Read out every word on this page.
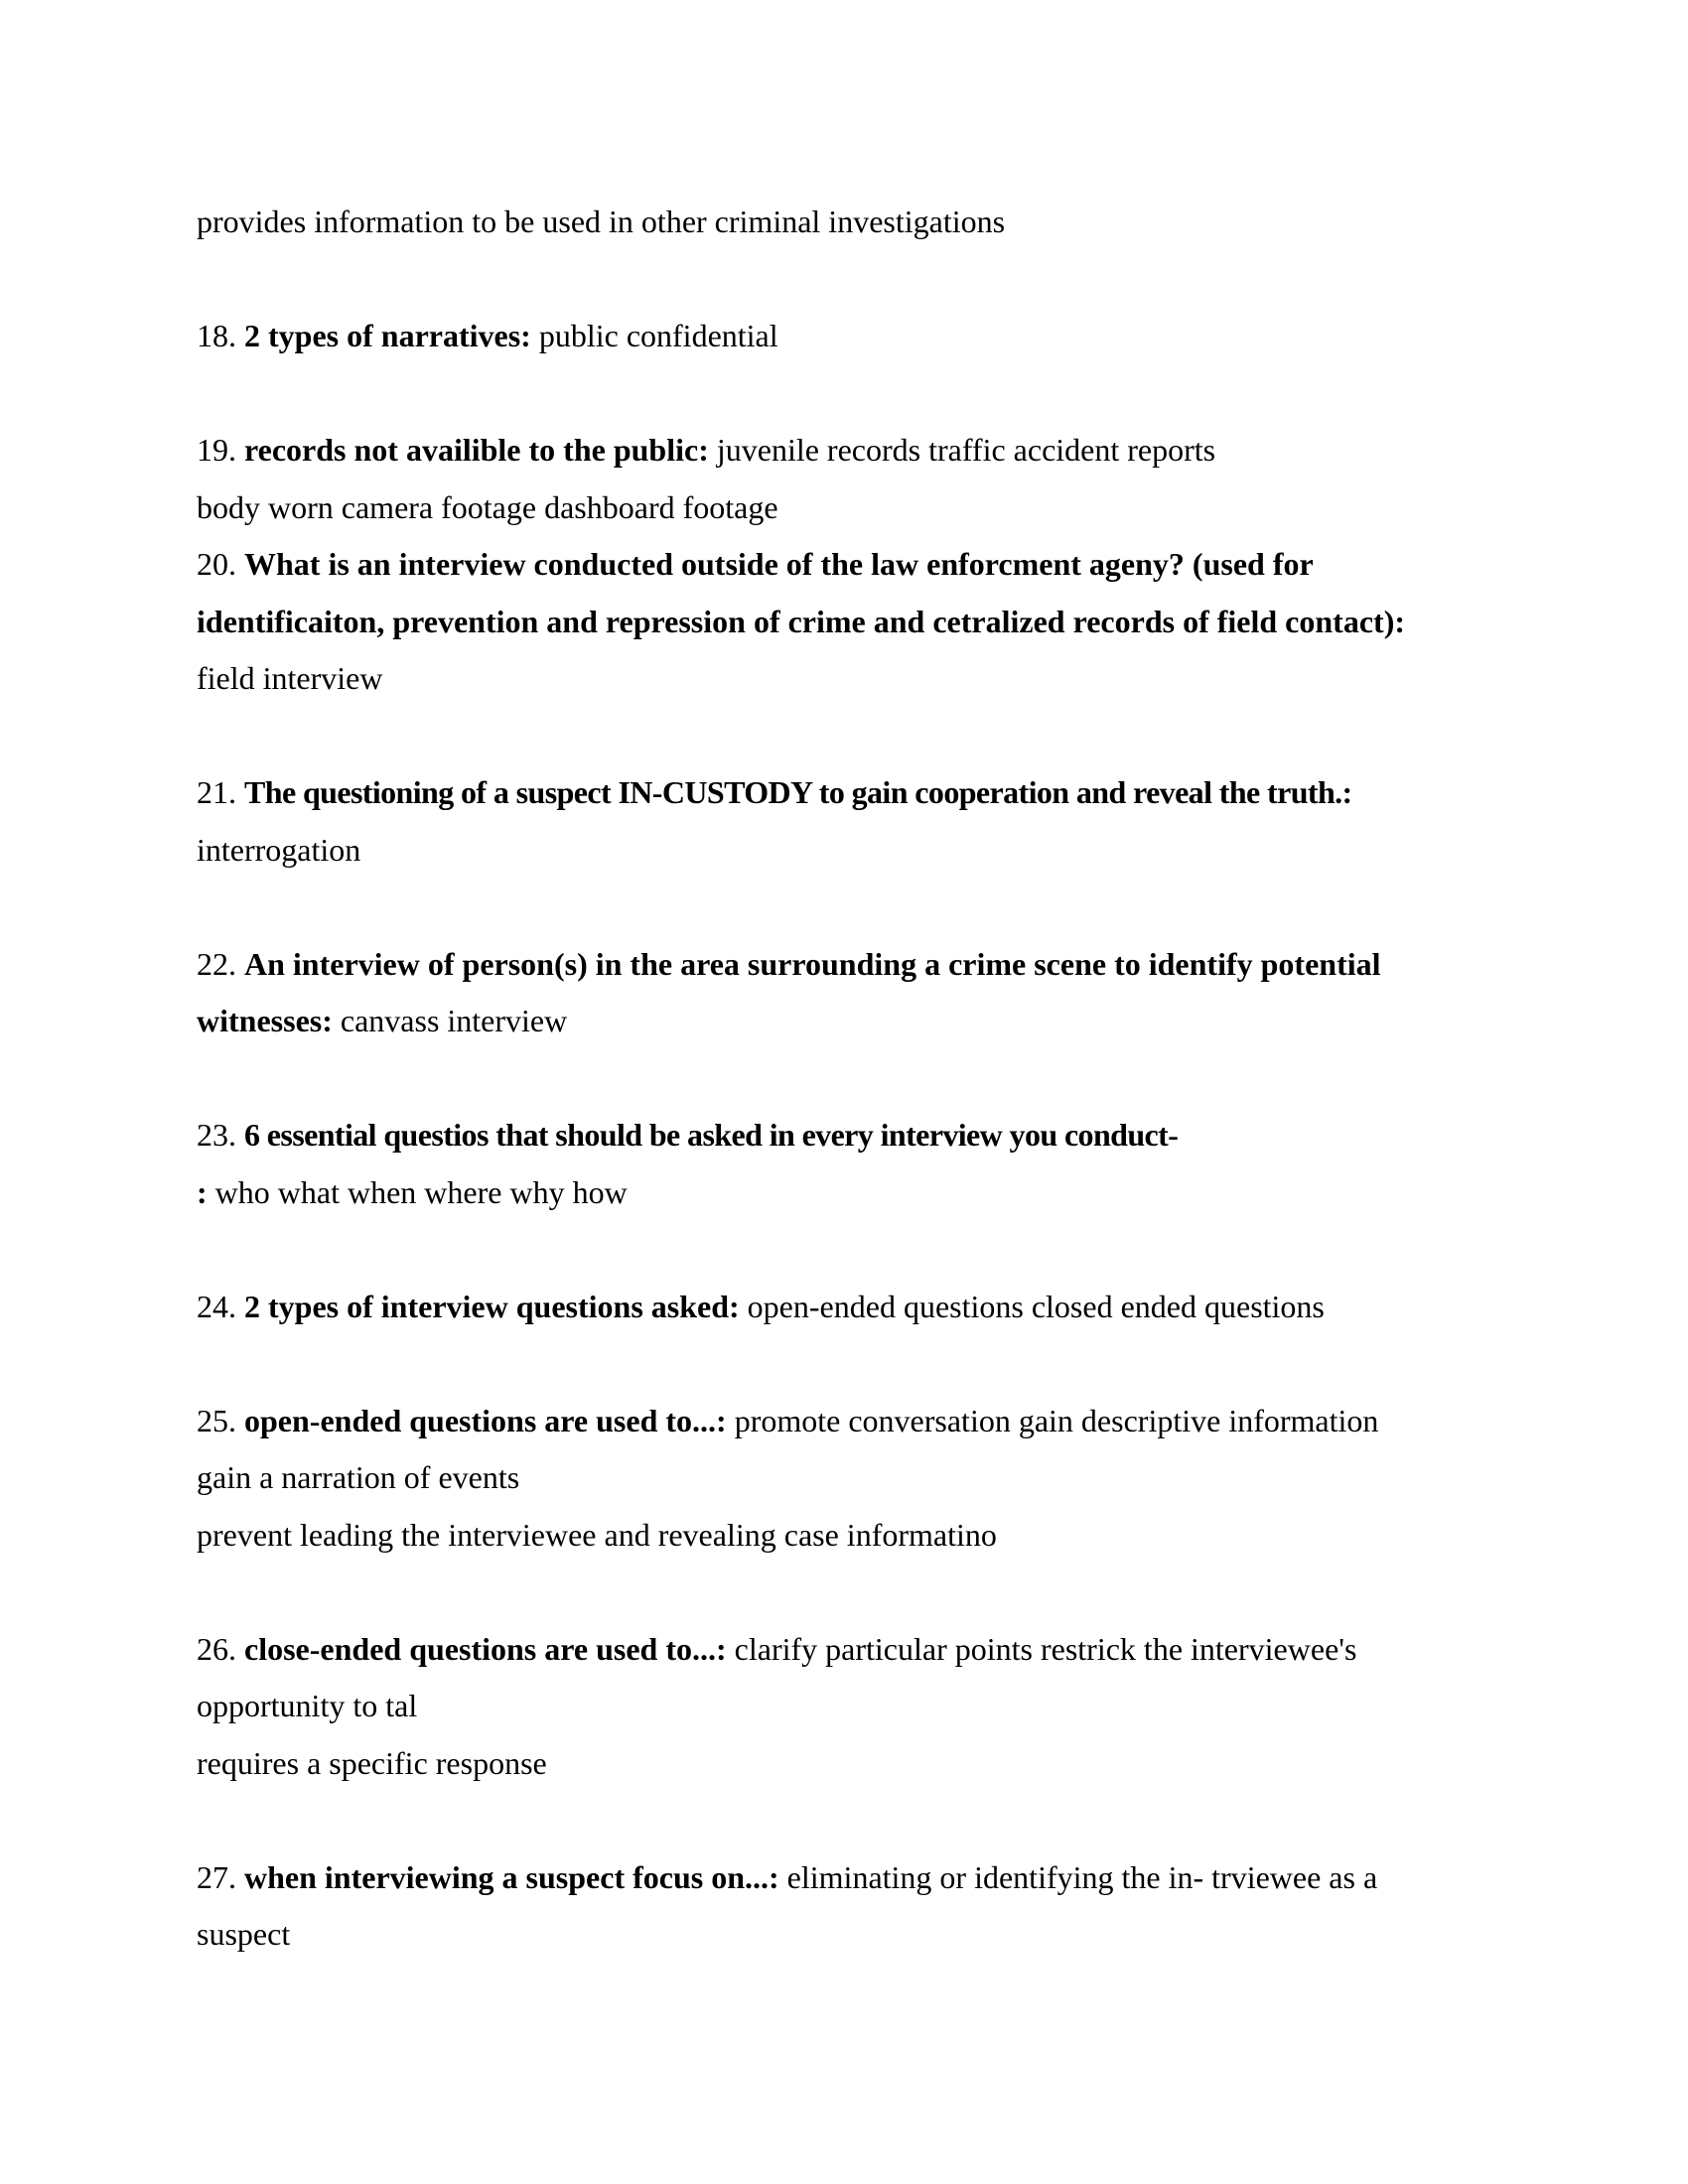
provides information to be used in other criminal investigations

18. 2 types of narratives: public confidential

19. records not availible to the public: juvenile records traffic accident reports

body worn camera footage dashboard footage

20. What is an interview conducted outside of the law enforcment ageny? (used for

identificaiton, prevention and repression of crime and cetralized records of field contact):

field interview

21. The questioning of a suspect IN-CUSTODY to gain cooperation and reveal the truth.:

interrogation

22. An interview of person(s) in the area surrounding a crime scene to identify potential

witnesses: canvass interview

23. 6 essential questios that should be asked in every interview you conduct-

: who what when where why how

24. 2 types of interview questions asked: open-ended questions closed ended questions

25. open-ended questions are used to...: promote conversation gain descriptive information

gain a narration of events

prevent leading the interviewee and revealing case informatino

26. close-ended questions are used to...: clarify particular points restrick the interviewee's

opportunity to tal

requires a specific response

27. when interviewing a suspect focus on...: eliminating or identifying the in- trviewee as a

suspect
